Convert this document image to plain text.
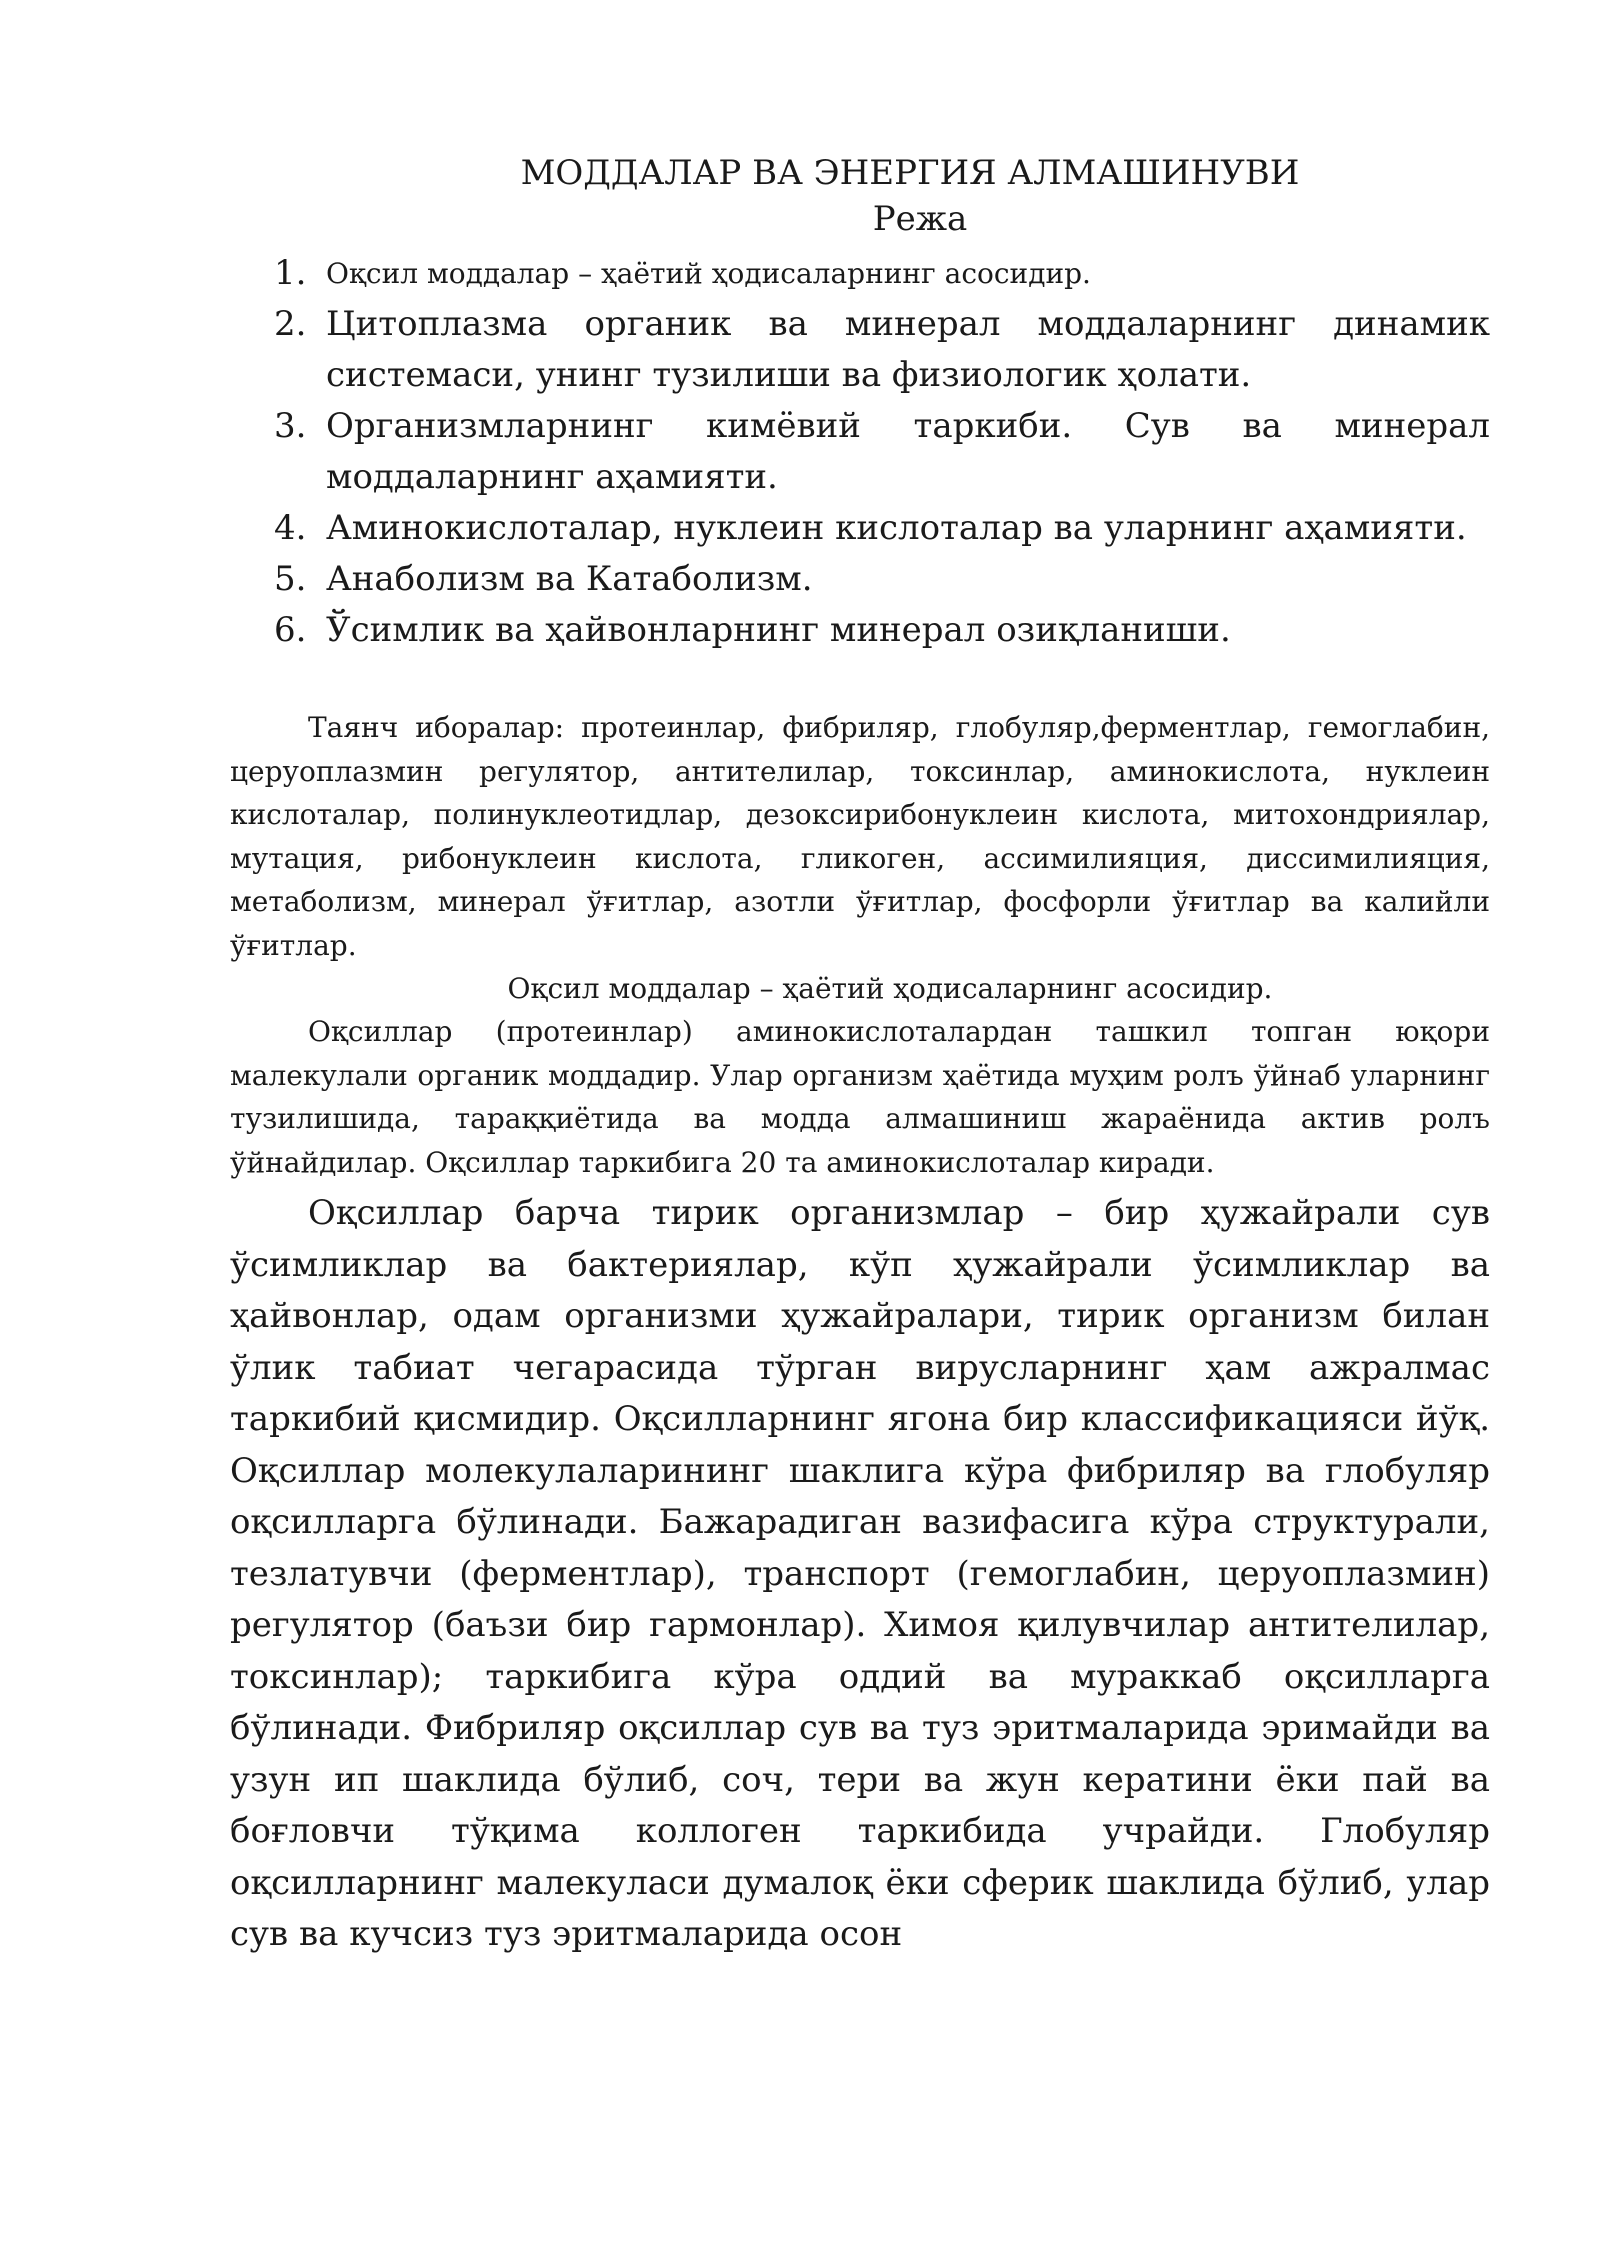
МОДДАЛАР ВА ЭНЕРГИЯ АЛМАШИНУВИ
Режа
1. Оқсил моддалар – ҳаётий ҳодисаларнинг асосидир.
2. Цитоплазма органик ва минерал моддаларнинг динамик системаси, унинг тузилиши ва физиологик ҳолати.
3. Организмларнинг кимёвий таркиби. Сув ва минерал моддаларнинг аҳамияти.
4. Аминокислоталар, нуклеин кислоталар ва уларнинг аҳамияти.
5. Анаболизм ва Катаболизм.
6. Ўсимлик ва ҳайвонларнинг минерал озиқланиши.

Таянч иборалар: протеинлар, фибриляр, глобуляр,ферментлар, гемоглабин, церуоплазмин регулятор, антителилар, токсинлар, аминокислота, нуклеин кислоталар, полинуклеотидлар, дезоксирибонуклеин кислота, митохондриялар, мутация, рибонуклеин кислота, гликоген, ассимилияция, диссимилияция, метаболизм, минерал ўғитлар, азотли ўғитлар, фосфорли ўғитлар ва калийли ўғитлар.

Оқсил моддалар – ҳаётий ҳодисаларнинг асосидир.

Оқсиллар (протеинлар) аминокислоталардан ташкил топган юқори малекулали органик моддадир. Улар организм ҳаётида муҳим ролъ ўйнаб уларнинг тузилишида, тараққиётида ва модда алмашиниш жараёнида актив ролъ ўйнайдилар. Оқсиллар таркибига 20 та аминокислоталар киради.

Оқсиллар барча тирик организмлар – бир ҳужайрали сув ўсимликлар ва бактериялар, кўп ҳужайрали ўсимликлар ва ҳайвонлар, одам организми ҳужайралари, тирик организм билан ўлик табиат чегарасида тўрган вирусларнинг ҳам ажралмас таркибий қисмидир. Оқсилларнинг ягона бир классификацияси йўқ. Оқсиллар молекулаларининг шаклига кўра фибриляр ва глобуляр оқсилларга бўлинади. Бажарадиган вазифасига кўра структурали, тезлатувчи (ферментлар), транспорт (гемоглабин, церуоплазмин) регулятор (баъзи бир гармонлар). Химоя қилувчилар антителилар, токсинлар); таркибига кўра оддий ва мураккаб оқсилларга бўлинади. Фибриляр оқсиллар сув ва туз эритмаларида эримайди ва узун ип шаклида бўлиб, соч, тери ва жун кератини ёки пай ва боғловчи тўқима коллоген таркибида учрайди. Глобуляр оқсилларнинг малекуласи думалоқ ёки сферик шаклида бўлиб, улар сув ва кучсиз туз эритмаларида осон
